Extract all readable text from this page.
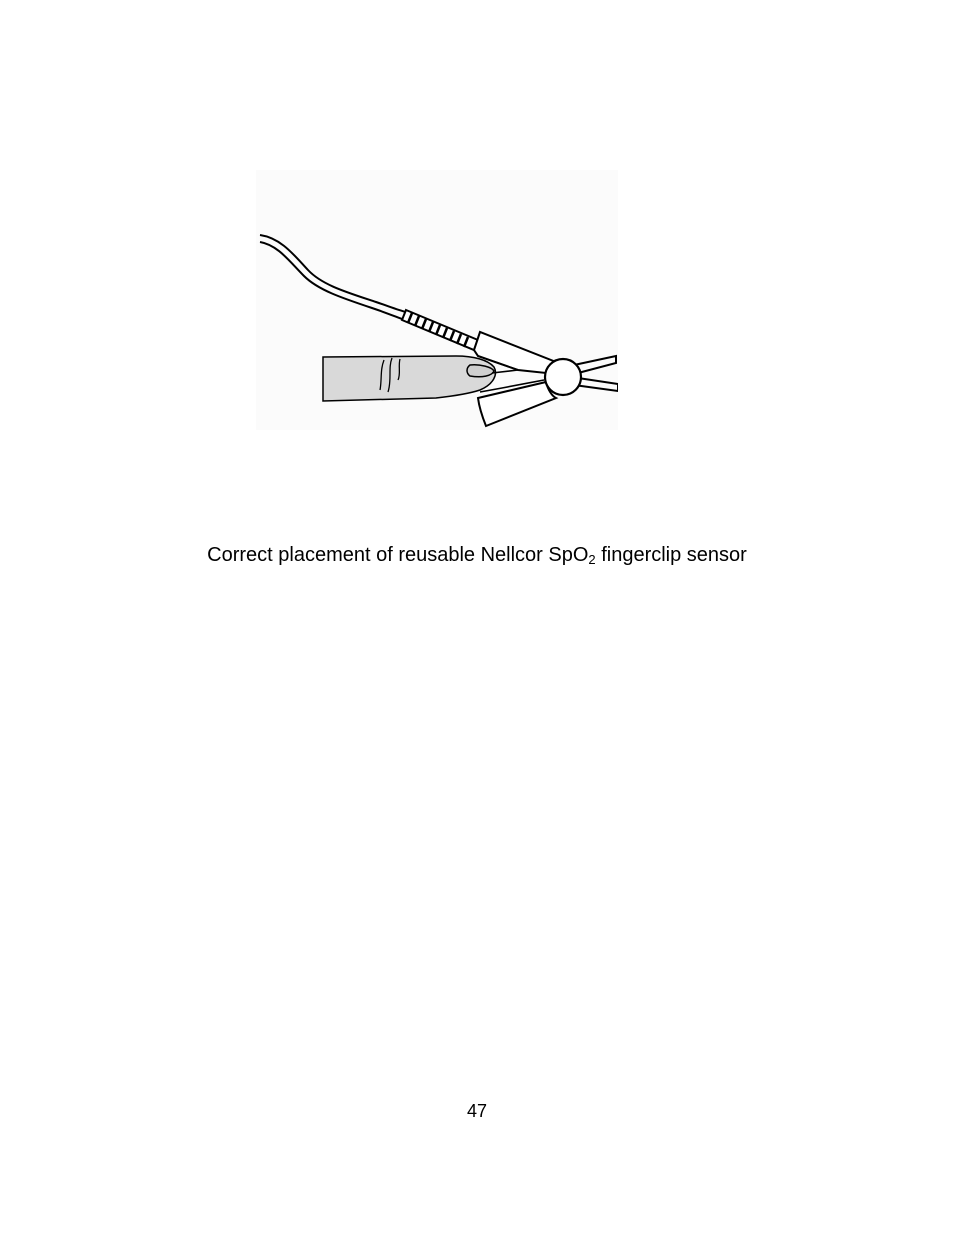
Correct placement of reusable Nellcor SpO$_2$ fingerclip sensor
47
